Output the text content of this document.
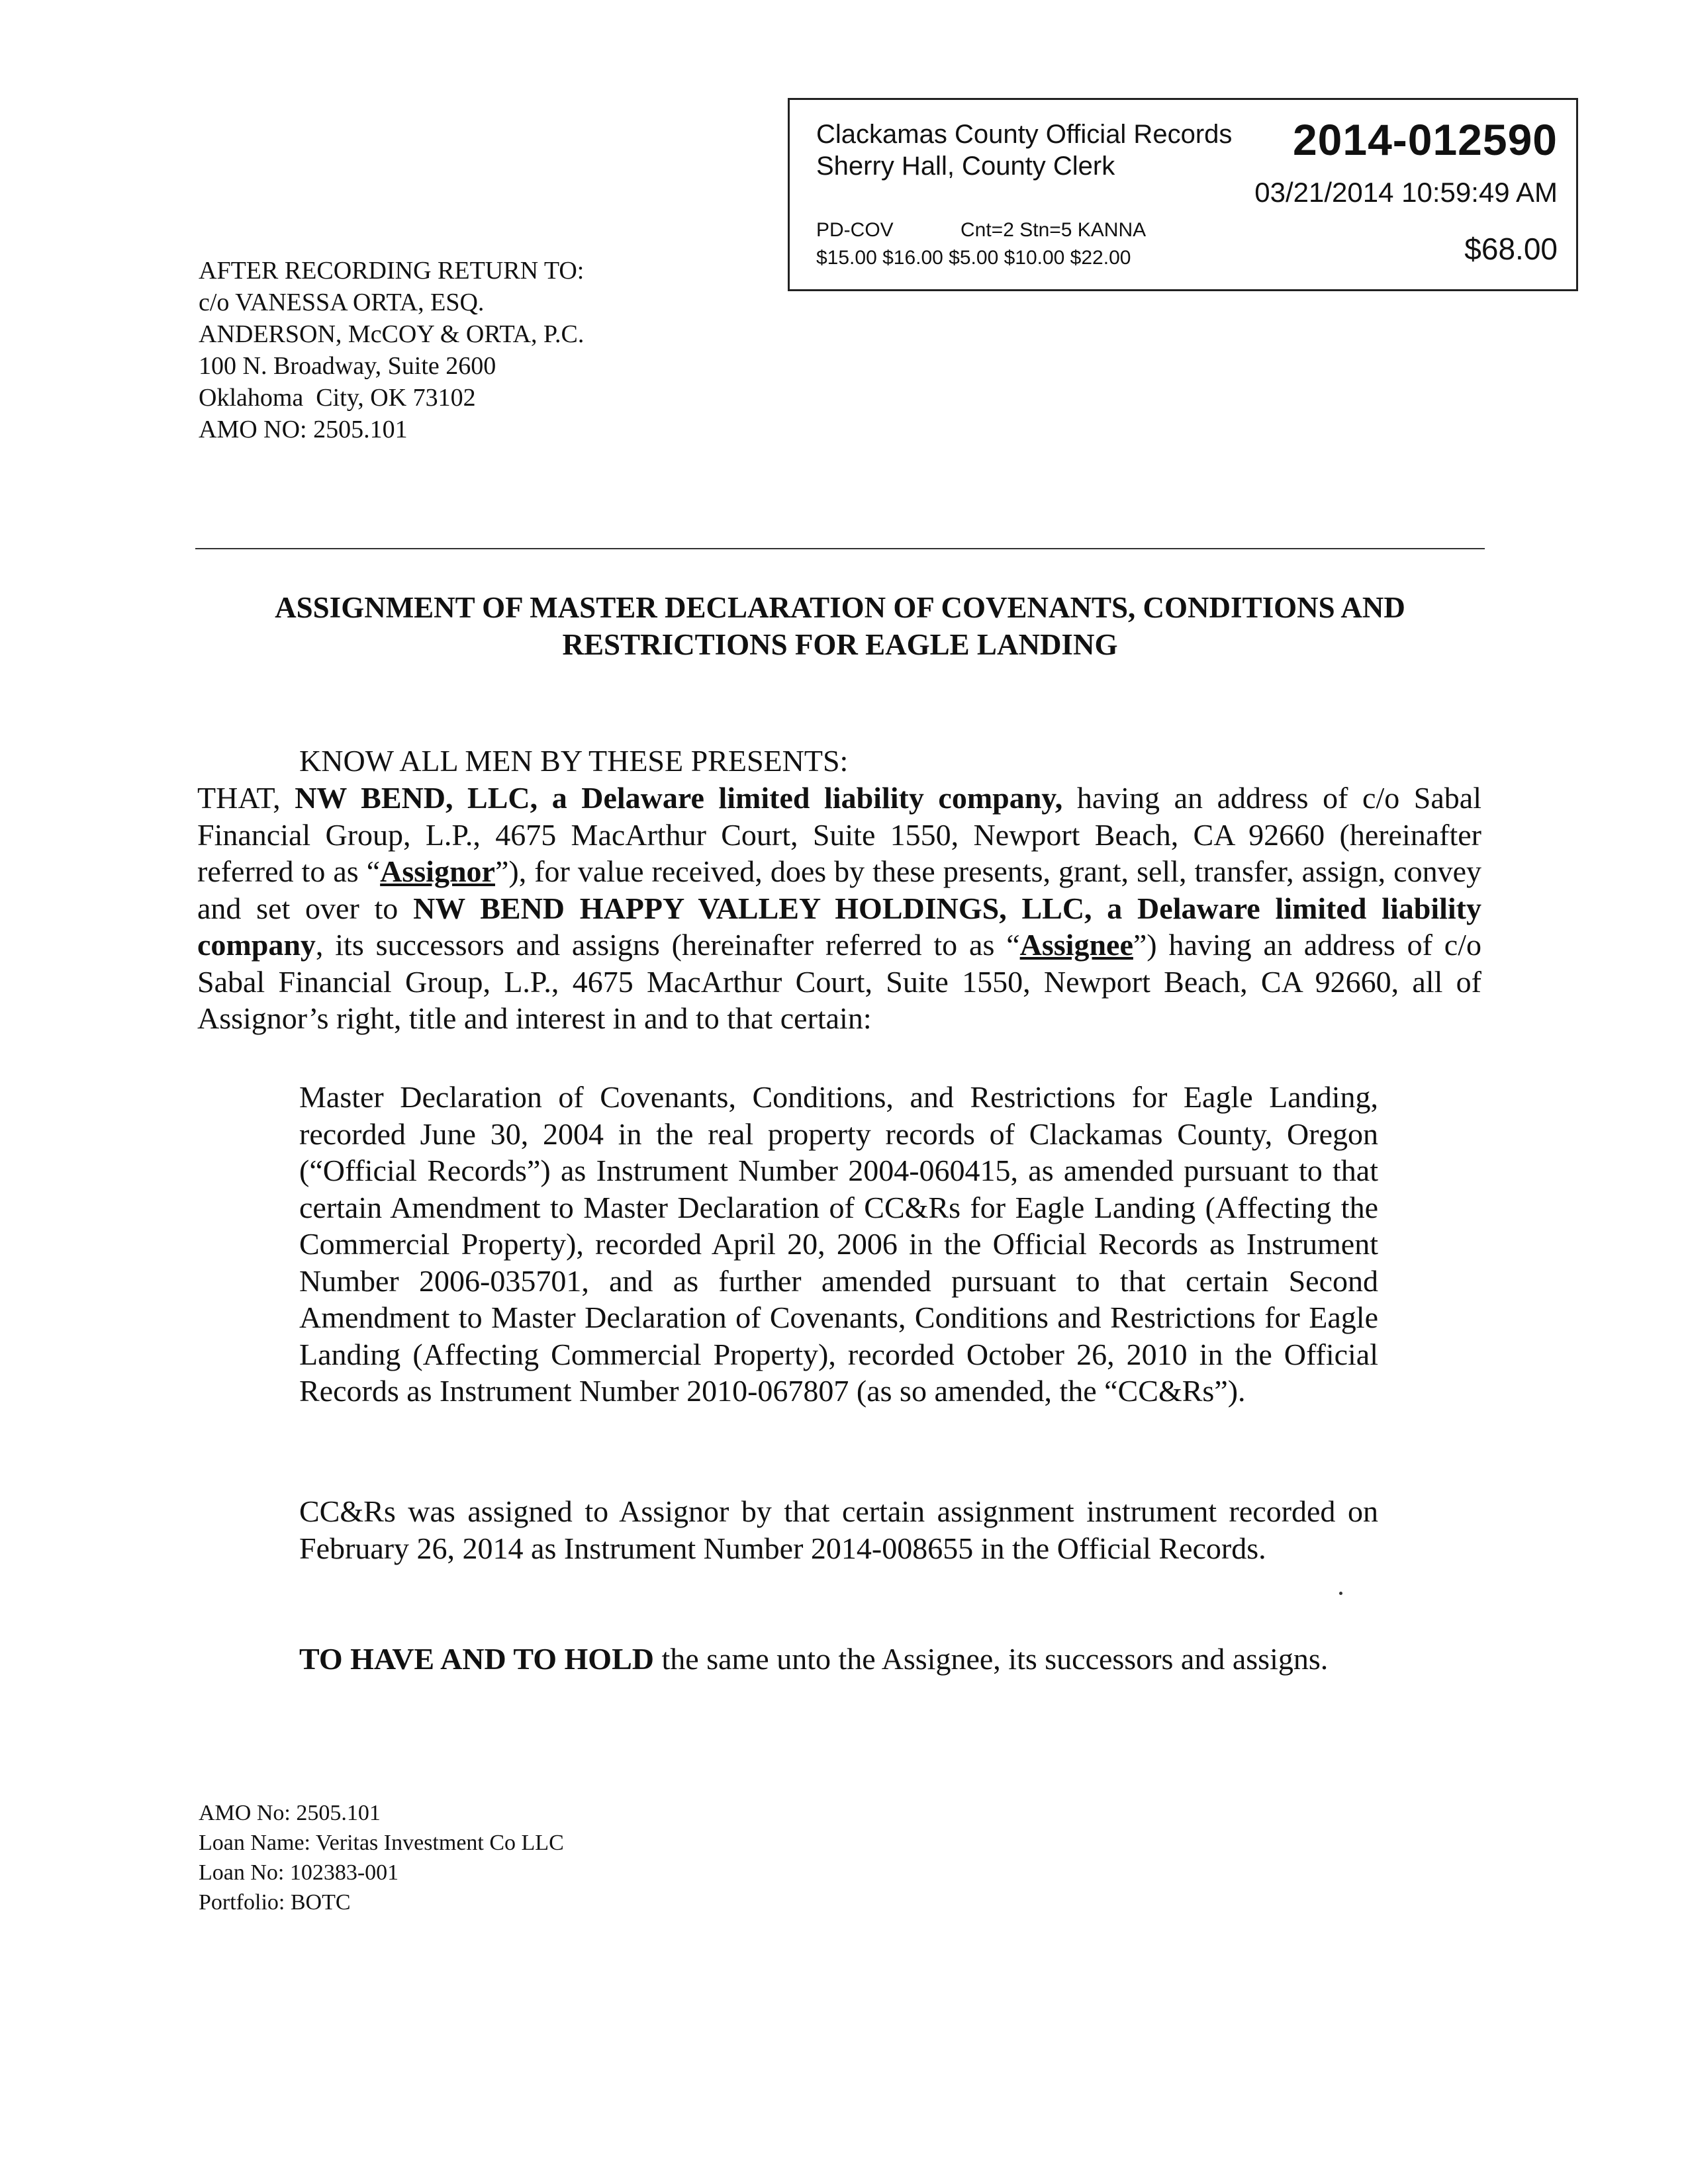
Clackamas County Official Records
Sherry Hall, County Clerk
2014-012590
03/21/2014 10:59:49 AM
PD-COV	Cnt=2 Stn=5 KANNA
$15.00 $16.00 $5.00 $10.00 $22.00	$68.00
AFTER RECORDING RETURN TO:
c/o VANESSA ORTA, ESQ.
ANDERSON, McCOY & ORTA, P.C.
100 N. Broadway, Suite 2600
Oklahoma  City, OK 73102
AMO NO: 2505.101
ASSIGNMENT OF MASTER DECLARATION OF COVENANTS, CONDITIONS AND
RESTRICTIONS FOR EAGLE LANDING
KNOW ALL MEN BY THESE PRESENTS:
THAT, NW BEND, LLC, a Delaware limited liability company, having an address of c/o Sabal Financial Group, L.P., 4675 MacArthur Court, Suite 1550, Newport Beach, CA 92660 (hereinafter referred to as “Assignor”), for value received, does by these presents, grant, sell, transfer, assign, convey and set over to NW BEND HAPPY VALLEY HOLDINGS, LLC, a Delaware limited liability company, its successors and assigns (hereinafter referred to as “Assignee”) having an address of c/o Sabal Financial Group, L.P., 4675 MacArthur Court, Suite 1550, Newport Beach, CA 92660, all of Assignor’s right, title and interest in and to that certain:
Master Declaration of Covenants, Conditions, and Restrictions for Eagle Landing, recorded June 30, 2004 in the real property records of Clackamas County, Oregon (“Official Records”) as Instrument Number 2004-060415, as amended pursuant to that certain Amendment to Master Declaration of CC&Rs for Eagle Landing (Affecting the Commercial Property), recorded April 20, 2006 in the Official Records as Instrument Number 2006-035701, and as further amended pursuant to that certain Second Amendment to Master Declaration of Covenants, Conditions and Restrictions for Eagle Landing (Affecting Commercial Property), recorded October 26, 2010 in the Official Records as Instrument Number 2010-067807 (as so amended, the “CC&Rs”).
CC&Rs was assigned to Assignor by that certain assignment instrument recorded on February 26, 2014 as Instrument Number 2014-008655 in the Official Records.
TO HAVE AND TO HOLD the same unto the Assignee, its successors and assigns.
AMO No: 2505.101
Loan Name: Veritas Investment Co LLC
Loan No: 102383-001
Portfolio: BOTC
